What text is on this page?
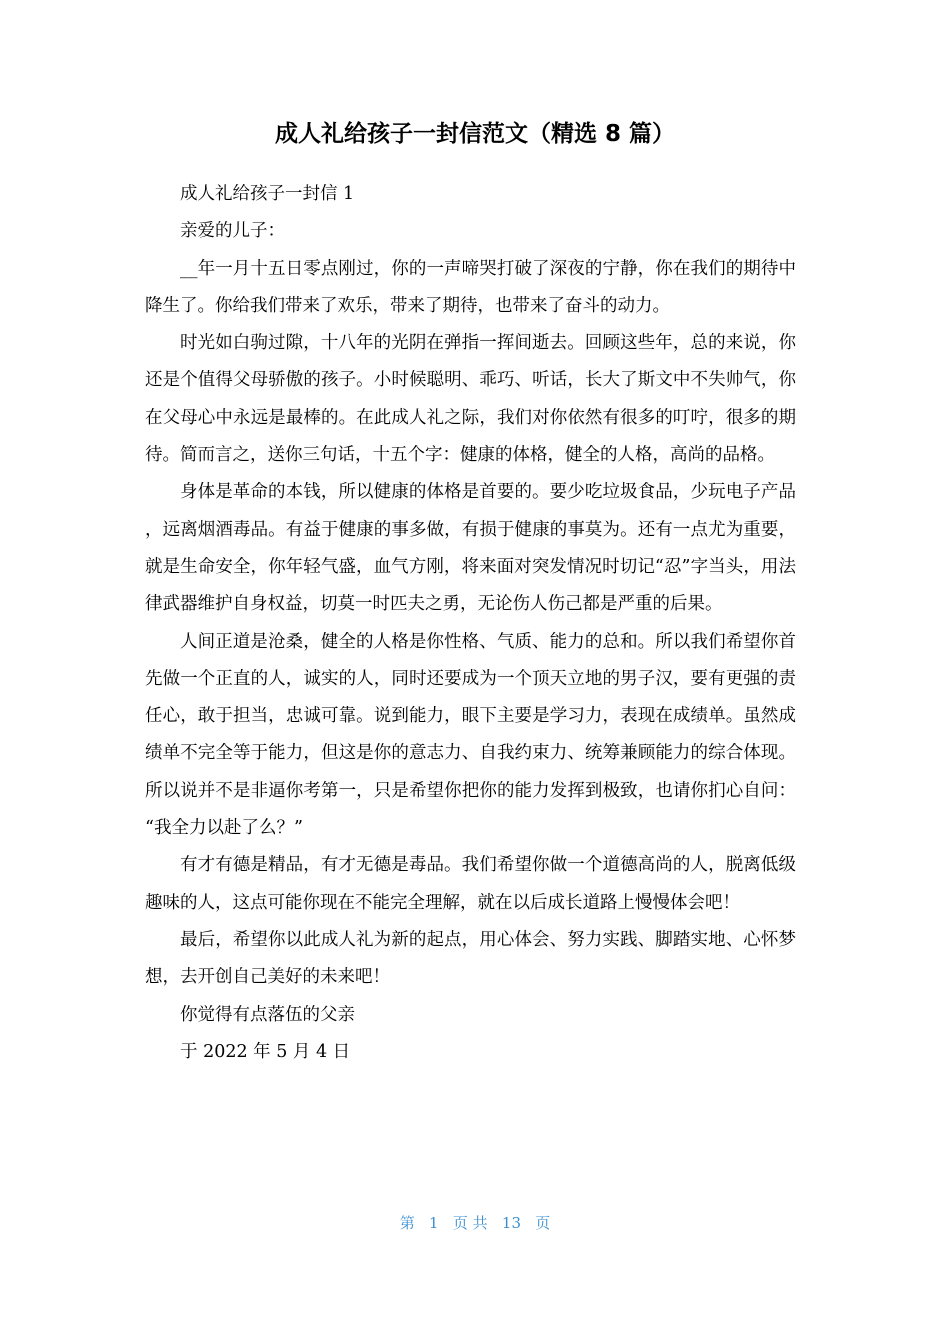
成人礼给孩子一封信范文（精选 8 篇）

成人礼给孩子一封信 1

亲爱的儿子：

__年一月十五日零点刚过，你的一声啼哭打破了深夜的宁静，你在我们的期待中降生了。你给我们带来了欢乐，带来了期待，也带来了奋斗的动力。

时光如白驹过隙，十八年的光阴在弹指一挥间逝去。回顾这些年，总的来说，你还是个值得父母骄傲的孩子。小时候聪明、乖巧、听话，长大了斯文中不失帅气，你在父母心中永远是最棒的。在此成人礼之际，我们对你依然有很多的叮咛，很多的期待。简而言之，送你三句话，十五个字：健康的体格，健全的人格，高尚的品格。

身体是革命的本钱，所以健康的体格是首要的。要少吃垃圾食品，少玩电子产品，远离烟酒毒品。有益于健康的事多做，有损于健康的事莫为。还有一点尤为重要，就是生命安全，你年轻气盛，血气方刚，将来面对突发情况时切记“忍”字当头，用法律武器维护自身权益，切莫一时匹夫之勇，无论伤人伤己都是严重的后果。

人间正道是沧桑，健全的人格是你性格、气质、能力的总和。所以我们希望你首先做一个正直的人，诚实的人，同时还要成为一个顶天立地的男子汉，要有更强的责任心，敢于担当，忠诚可靠。说到能力，眼下主要是学习力，表现在成绩单。虽然成绩单不完全等于能力，但这是你的意志力、自我约束力、统筹兼顾能力的综合体现。所以说并不是非逼你考第一，只是希望你把你的能力发挥到极致，也请你扪心自问：“我全力以赴了么？”

有才有德是精品，有才无德是毒品。我们希望你做一个道德高尚的人，脱离低级趣味的人，这点可能你现在不能完全理解，就在以后成长道路上慢慢体会吧！

最后，希望你以此成人礼为新的起点，用心体会、努力实践、脚踏实地、心怀梦想，去开创自己美好的未来吧！

你觉得有点落伍的父亲

于 2022 年 5 月 4 日

第   1   页 共   13   页
